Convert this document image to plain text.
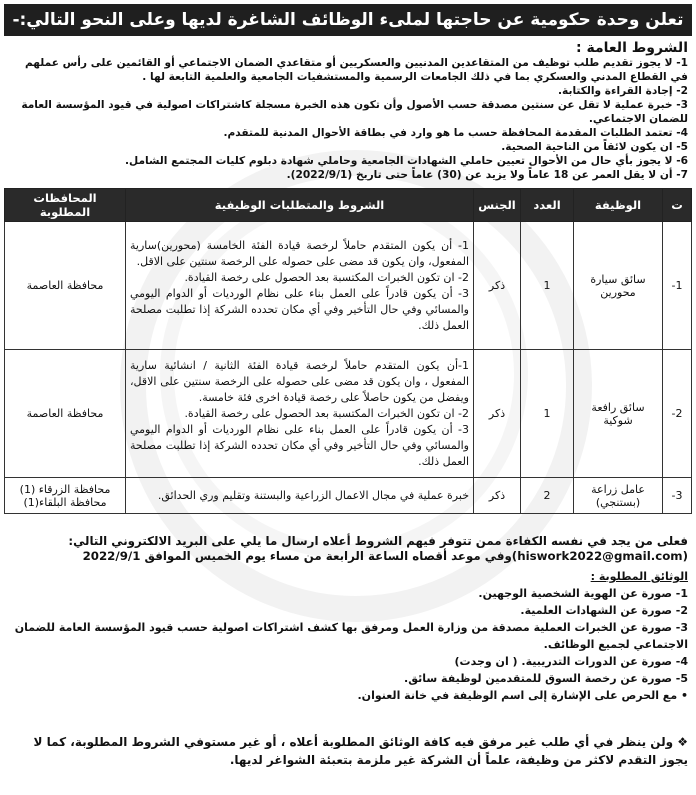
تعلن وحدة حكومية عن حاجتها لملىء الوظائف الشاغرة لديها وعلى النحو التالي:-
الشروط العامة :
1- لا يجوز تقديم طلب توظيف من المتقاعدين المدنيين والعسكريين أو متقاعدي الضمان الاجتماعي أو القائمين على رأس عملهم في القطاع المدني والعسكري بما في ذلك الجامعات الرسمية والمستشفيات الجامعية والعلمية التابعة لها .
2- إجادة القراءة والكتابة.
3- خبرة عملية لا تقل عن سنتين مصدقة حسب الأصول وأن تكون هذه الخبرة مسجلة كاشتراكات اصولية في قيود المؤسسة العامة للضمان الاجتماعي.
4- تعتمد الطلبات المقدمة المحافظة حسب ما هو وارد في بطاقة الأحوال المدنية للمتقدم.
5- ان يكون لائقاً من الناحية الصحية.
6- لا يجوز بأي حال من الأحوال تعيين حاملي الشهادات الجامعية وحاملي شهادة دبلوم كليات المجتمع الشامل.
7- أن لا يقل العمر عن 18 عاماً ولا يزيد عن (30) عاماً حتى تاريخ (2022/9/1).
ت	الوظيفة	العدد	الجنس	الشروط والمتطلبات الوظيفية	المحافظات المطلوبة
1-	سائق سيارة محورين	1	ذكر	1- أن يكون المتقدم حاملاً لرخصة قيادة الفئة الخامسة (محورين)سارية المفعول، وان يكون قد مضى على حصوله على الرخصة سنتين على الاقل.
2- ان تكون الخبرات المكتسبة بعد الحصول على رخصة القيادة.
3- أن يكون قادراً على العمل بناء على نظام الورديات أو الدوام اليومي والمسائي وفي حال التأخير وفي أي مكان تحدده الشركة إذا تطلبت مصلحة العمل ذلك.	محافظة العاصمة
2-	سائق رافعة شوكية	1	ذكر	1-أن يكون المتقدم حاملاً لرخصة قيادة الفئة الثانية / انشائية سارية المفعول ، وان يكون قد مضى على حصوله على الرخصة سنتين على الاقل، ويفضل من يكون حاصلاً على رخصة قيادة اخرى فئة خامسة.
2- ان تكون الخبرات المكتسبة بعد الحصول على رخصة القيادة.
3- أن يكون قادراً على العمل بناء على نظام الورديات أو الدوام اليومي والمسائي وفي حال التأخير وفي أي مكان تحدده الشركة إذا تطلبت مصلحة العمل ذلك.	محافظة العاصمة
3-	عامل زراعة (بستنجي)	2	ذكر	خبرة عملية في مجال الاعمال الزراعية والبستنة وتقليم وري الحدائق.	محافظة الزرقاء (1)
محافظة البلقاء(1)
فعلى من يجد في نفسه الكفاءة ممن تتوفر فيهم الشروط أعلاه ارسال ما يلي على البريد الالكتروني التالي:
(hiswork2022@gmail.com)وفي موعد أقصاه الساعة الرابعة من مساء يوم الخميس الموافق 2022/9/1
الوثائق المطلوبة :
1- صورة عن الهوية الشخصية الوجهين.
2- صورة عن الشهادات العلمية.
3- صورة عن الخبرات العملية مصدقة من وزارة العمل ومرفق بها كشف اشتراكات اصولية حسب قيود المؤسسة العامة للضمان الاجتماعي لجميع الوظائف.
4- صورة عن الدورات التدريبية. ( ان وجدت)
5- صورة عن رخصة السوق للمتقدمين لوظيفة سائق.
• مع الحرص على الإشارة إلى اسم الوظيفة في خانة العنوان.
❖ ولن ينظر في أي طلب غير مرفق فيه كافة الوثائق المطلوبة أعلاه ، أو غير مستوفي الشروط المطلوبة، كما لا يجوز التقدم لاكثر من وظيفة، علماً أن الشركة غير ملزمة بتعبئة الشواغر لديها.
